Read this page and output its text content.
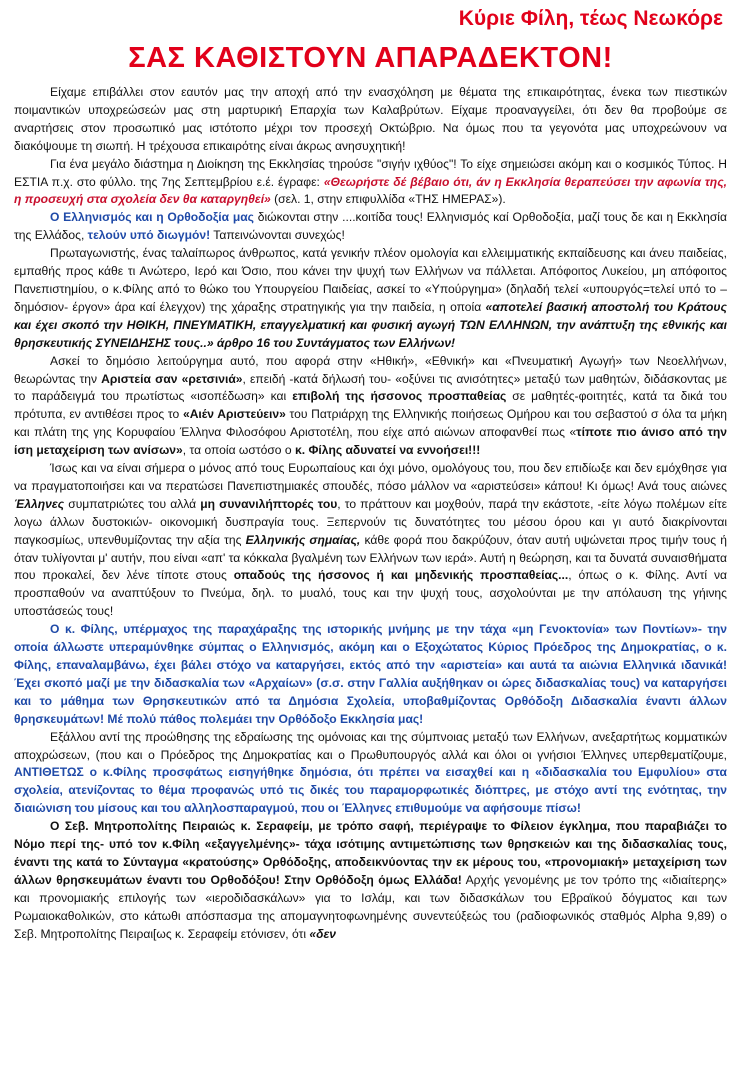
Κύριε Φίλη, τέως Νεωκόρε
ΣΑΣ ΚΑΘΙΣΤΟΥΝ ΑΠΑΡΑΔΕΚΤΟΝ!

Είχαμε επιβάλλει στον εαυτόν μας την αποχή από την ενασχόληση με θέματα της επικαιρότητας, ένεκα των πιεστικών ποιμαντικών υποχρεώσεών μας στη μαρτυρική Επαρχία των Καλαβρύτων. Είχαμε προαναγγείλει, ότι δεν θα προβούμε σε αναρτήσεις στον προσωπικό μας ιστότοπο μέχρι τον προσεχή Οκτώβριο. Να όμως που τα γεγονότα μας υποχρεώνουν να διακόψουμε τη σιωπή. Η τρέχουσα επικαιρότης είναι άκρως ανησυχητική!

Για ένα μεγάλο διάστημα η Διοίκηση της Εκκλησίας τηρούσε "σιγήν ιχθύος"! Το είχε σημειώσει ακόμη και ο κοσμικός Τύπος. Η ΕΣΤΙΑ π.χ. στο φύλλο. της 7ης Σεπτεμβρίου ε.έ. έγραφε: «Θεωρήστε δέ βέβαιο ότι, άν η Εκκλησία θεραπεύσει την αφωνία της, η προσευχή στα σχολεία δεν θα καταργηθεί» (σελ. 1, στην επιφυλλίδα «ΤΗΣ ΗΜΕΡΑΣ»).

Ο Ελληνισμός και η Ορθοδοξία μας διώκονται στην ....κοιτίδα τους! Ελληνισμός καί Ορθοδοξία, μαζί τους δε και η Εκκλησία της Ελλάδος, τελούν υπό διωγμόν! Ταπεινώνονται συνεχώς!

Πρωταγωνιστής, ένας ταλαίπωρος άνθρωπος, κατά γενικήν πλέον ομολογία και ελλειμματικής εκπαίδευσης και άνευ παιδείας, εμπαθής προς κάθε τι Ανώτερο, Ιερό και Όσιο, που κάνει την ψυχή των Ελλήνων να πάλλεται. Απόφοιτος Λυκείου, μη απόφοιτος Πανεπιστημίου, ο κ.Φίλης από το θώκο του Υπουργείου Παιδείας, ασκεί το «Υπούργημα» (δηλαδή τελεί «υπουργός=τελεί υπό το –δημόσιον- έργον» άρα καί έλεγχον) της χάραξης στρατηγικής για την παιδεία, η οποία «αποτελεί βασική αποστολή του Κράτους και έχει σκοπό την ΗΘΙΚΗ, ΠΝΕΥΜΑΤΙΚΗ, επαγγελματική και φυσική αγωγή ΤΩΝ ΕΛΛΗΝΩΝ, την ανάπτυξη της εθνικής και θρησκευτικής ΣΥΝΕΙΔΗΣΗΣ τους..» άρθρο 16 του Συντάγματος των Ελλήνων!

Ασκεί το δημόσιο λειτούργημα αυτό, που αφορά στην «Ηθική», «Εθνική» και «Πνευματική Αγωγή» των Νεοελλήνων, θεωρώντας την Αριστεία σαν «ρετσινιά», επειδή -κατά δήλωσή του- «οξύνει τις ανισότητες» μεταξύ των μαθητών, διδάσκοντας με το παράδειγμά του πρωτίστως «ισοπέδωση» και επιβολή της ήσσονος προσπαθείας σε μαθητές-φοιτητές, κατά τα δικά του πρότυπα, εν αντιθέσει προς το «Αιέν Αριστεύειν» του Πατριάρχη της Ελληνικής ποιήσεως Ομήρου και του σεβαστού σ όλα τα μήκη και πλάτη της γης Κορυφαίου Έλληνα Φιλοσόφου Αριστοτέλη, που είχε από αιώνων αποφανθεί πως «τίποτε πιο άνισο από την ίση μεταχείριση των ανίσων», τα οποία ωστόσο ο κ. Φίλης αδυνατεί να εννοήσει!!!

Ίσως και να είναι σήμερα ο μόνος από τους Ευρωπαίους και όχι μόνο, ομολόγους του, που δεν επιδίωξε και δεν εμόχθησε για να πραγματοποιήσει και να περατώσει Πανεπιστημιακές σπουδές, πόσο μάλλον να «αριστεύσει» κάπου! Κι όμως! Ανά τους αιώνες Έλληνες συμπατριώτες του αλλά μη συνανιλήπτορές του, το πράττουν και μοχθούν, παρά την εκάστοτε, -είτε λόγω πολέμων είτε λογω άλλων δυστοκιών- οικονομική δυσπραγία τους. Ξεπερνούν τις δυνατότητες του μέσου όρου και γι αυτό διακρίνονται παγκοσμίως, υπενθυμίζοντας την αξία της Ελληνικής σημαίας, κάθε φορά που δακρύζουν, όταν αυτή υψώνεται προς τιμήν τους ή όταν τυλίγονται μ' αυτήν, που είναι «απ' τα κόκκαλα βγαλμένη των Ελλήνων των ιερά». Αυτή η θεώρηση, και τα δυνατά συναισθήματα που προκαλεί, δεν λένε τίποτε στους οπαδούς της ήσσονος ή και μηδενικής προσπαθείας..., όπως ο κ. Φίλης. Αντί να προσπαθούν να αναπτύξουν το Πνεύμα, δηλ. το μυαλό, τους και την ψυχή τους, ασχολούνται με την απόλαυση της γήινης υποστάσεώς τους!

Ο κ. Φίλης, υπέρμαχος της παραχάραξης της ιστορικής μνήμης με την τάχα «μη Γενοκτονία» των Ποντίων»- την οποία άλλωστε υπεραμύνθηκε σύμπας ο Ελληνισμός, ακόμη και ο Εξοχώτατος Κύριος Πρόεδρος της Δημοκρατίας, ο κ. Φίλης, επαναλαμβάνω, έχει βάλει στόχο να καταργήσει, εκτός από την «αριστεία» και αυτά τα αιώνια Ελληνικά ιδανικά! Έχει σκοπό μαζί με την διδασκαλία των «Αρχαίων» (σ.σ. στην Γαλλία αυξήθηκαν οι ώρες διδασκαλίας τους) να καταργήσει και το μάθημα των Θρησκευτικών από τα Δημόσια Σχολεία, υποβαθμίζοντας Ορθόδοξη Διδασκαλία έναντι άλλων θρησκευμάτων! Μέ πολύ πάθος πολεμάει την Ορθόδοξο Εκκλησία μας!

Εξάλλου αντί της προώθησης της εδραίωσης της ομόνοιας και της σύμπνοιας μεταξύ των Ελλήνων, ανεξαρτήτως κομματικών αποχρώσεων, (που και ο Πρόεδρος της Δημοκρατίας και ο Πρωθυπουργός αλλά και όλοι οι γνήσιοι Έλληνες υπερθεματίζουμε, ΑΝΤΙΘΕΤΩΣ ο κ.Φίλης προσφάτως εισηγήθηκε δημόσια, ότι πρέπει να εισαχθεί και η «διδασκαλία του Εμφυλίου» στα σχολεία, ατενίζοντας το θέμα προφανώς υπό τις δικές του παραμορφωτικές διόπτρες, με στόχο αντί της ενότητας, την διαιώνιση του μίσους και του αλληλοσπαραγμού, που οι Έλληνες επιθυμούμε να αφήσουμε πίσω!

Ο Σεβ. Μητροπολίτης Πειραιώς κ. Σεραφείμ, με τρόπο σαφή, περιέγραψε το Φίλειον έγκλημα, που παραβιάζει το Νόμο περί της- υπό τον κ.Φίλη «εξαγγελμένης»- τάχα ισότιμης αντιμετώπισης των θρησκειών και της διδασκαλίας τους, έναντι της κατά το Σύνταγμα «κρατούσης» Ορθόδοξης, αποδεικνύοντας την εκ μέρους του, «προνομιακή» μεταχείριση των άλλων θρησκευμάτων έναντι του Ορθοδόξου! Στην Ορθόδοξη όμως Ελλάδα! Αρχής γενομένης με τον τρόπο της «ιδιαίτερης» και προνομιακής επιλογής των «ιεροδιδασκάλων» για το Ισλάμ, και των διδασκάλων του Εβραϊκού δόγματος και των Ρωμαιοκαθολικών, στο κάτωθι απόσπασμα της απομαγνητοφωνημένης συνεντεύξεώς του (ραδιοφωνικός σταθμός Alpha 9,89) ο Σεβ. Μητροπολίτης Πειραι[ως κ. Σεραφείμ ετόνισεν, ότι «δεν
